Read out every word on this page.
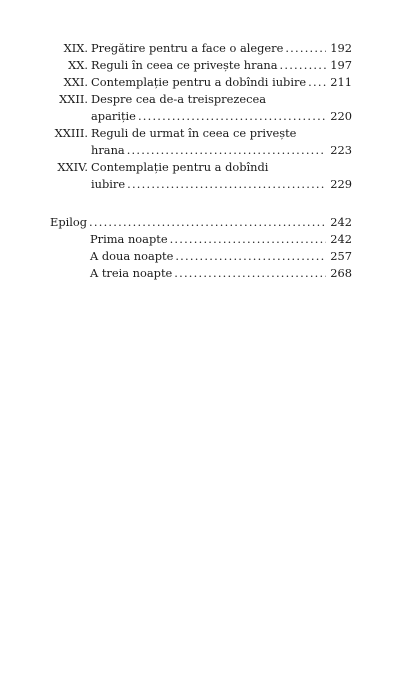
XIX. Pregătire pentru a face o alegere . . .	192
XX. Reguli în ceea ce privește hrana . . .	197
XXI. Contemplație pentru a dobîndi iubire . . . 211
XXII. Despre cea de-a treisprezecea
apariție . . .	220
XXIII. Reguli de urmat în ceea ce privește
hrana . . .	223
XXIV. Contemplație pentru a dobîndi
iubire . . .	229
Epilog . . .	242
Prima noapte . . .	242
A doua noapte . . .	257
A treia noapte . . .	268
